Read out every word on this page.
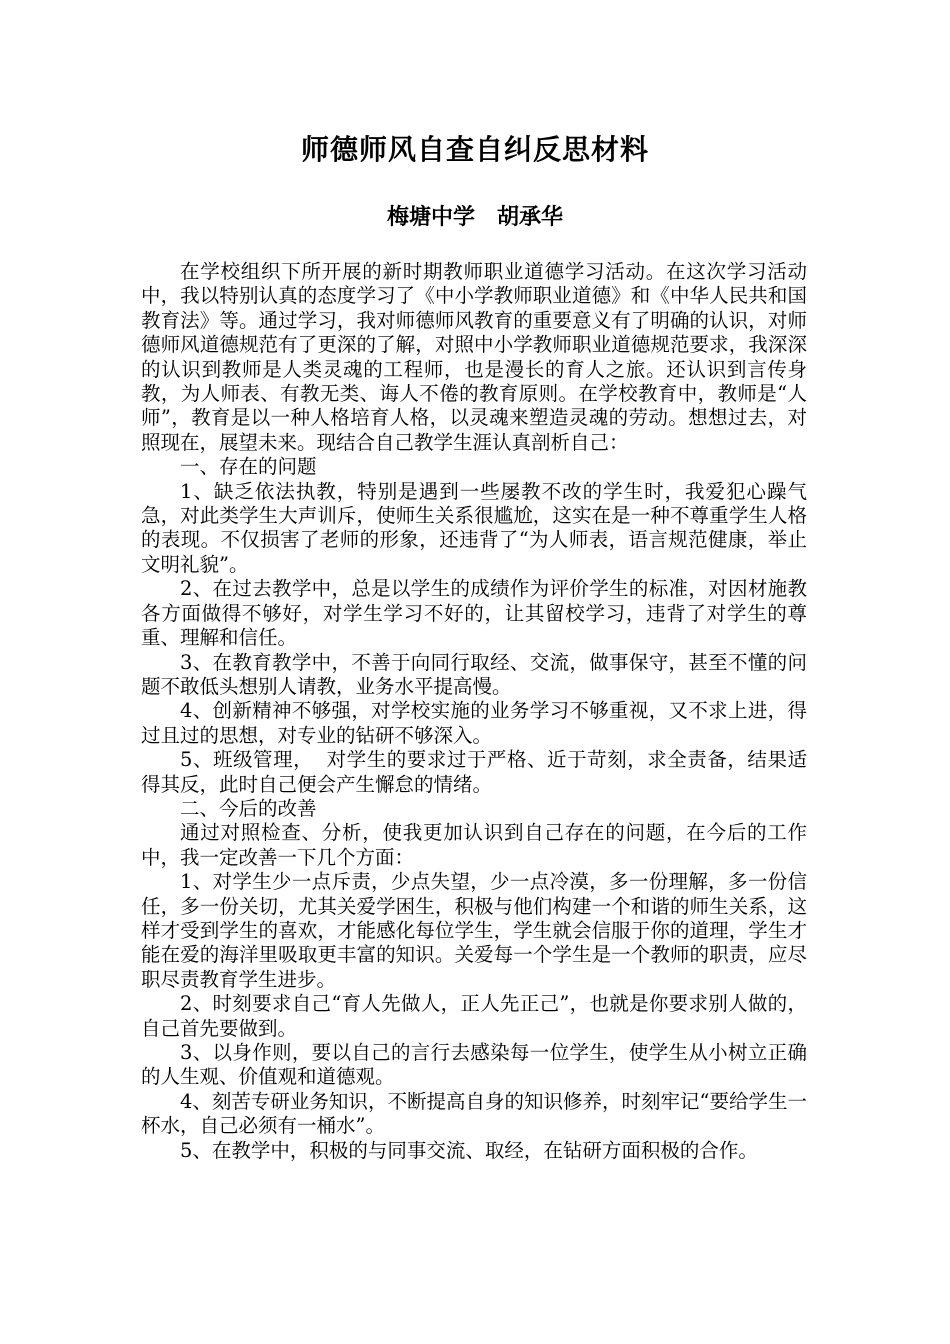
师德师风自查自纠反思材料
梅塘中学　胡承华

在学校组织下所开展的新时期教师职业道德学习活动。在这次学习活动中，我以特别认真的态度学习了《中小学教师职业道德》和《中华人民共和国教育法》等。通过学习，我对师德师风教育的重要意义有了明确的认识，对师德师风道德规范有了更深的了解，对照中小学教师职业道德规范要求，我深深的认识到教师是人类灵魂的工程师，也是漫长的育人之旅。还认识到言传身教，为人师表、有教无类、诲人不倦的教育原则。在学校教育中，教师是“人师”，教育是以一种人格培育人格，以灵魂来塑造灵魂的劳动。想想过去，对照现在，展望未来。现结合自己教学生涯认真剖析自己：

一、存在的问题

1、缺乏依法执教，特别是遇到一些屡教不改的学生时，我爱犯心躁气急，对此类学生大声训斥，使师生关系很尴尬，这实在是一种不尊重学生人格的表现。不仅损害了老师的形象，还违背了“为人师表，语言规范健康，举止文明礼貌”。

2、在过去教学中，总是以学生的成绩作为评价学生的标准，对因材施教各方面做得不够好，对学生学习不好的，让其留校学习，违背了对学生的尊重、理解和信任。

3、在教育教学中，不善于向同行取经、交流，做事保守，甚至不懂的问题不敢低头想别人请教，业务水平提高慢。

4、创新精神不够强，对学校实施的业务学习不够重视，又不求上进，得过且过的思想，对专业的钻研不够深入。

5、班级管理，  对学生的要求过于严格、近于苛刻，求全责备，结果适得其反，此时自己便会产生懈怠的情绪。

二、今后的改善

通过对照检查、分析，使我更加认识到自己存在的问题，在今后的工作中，我一定改善一下几个方面：

1、对学生少一点斥责，少点失望，少一点冷漠，多一份理解，多一份信任，多一份关切，尤其关爱学困生，积极与他们构建一个和谐的师生关系，这样才受到学生的喜欢，才能感化每位学生，学生就会信服于你的道理，学生才能在爱的海洋里吸取更丰富的知识。关爱每一个学生是一个教师的职责，应尽职尽责教育学生进步。

2、时刻要求自己“育人先做人，正人先正己”，也就是你要求别人做的，自己首先要做到。

3、以身作则，要以自己的言行去感染每一位学生，使学生从小树立正确的人生观、价值观和道德观。

4、刻苦专研业务知识，不断提高自身的知识修养，时刻牢记“要给学生一杯水，自己必须有一桶水”。

5、在教学中，积极的与同事交流、取经，在钻研方面积极的合作。
